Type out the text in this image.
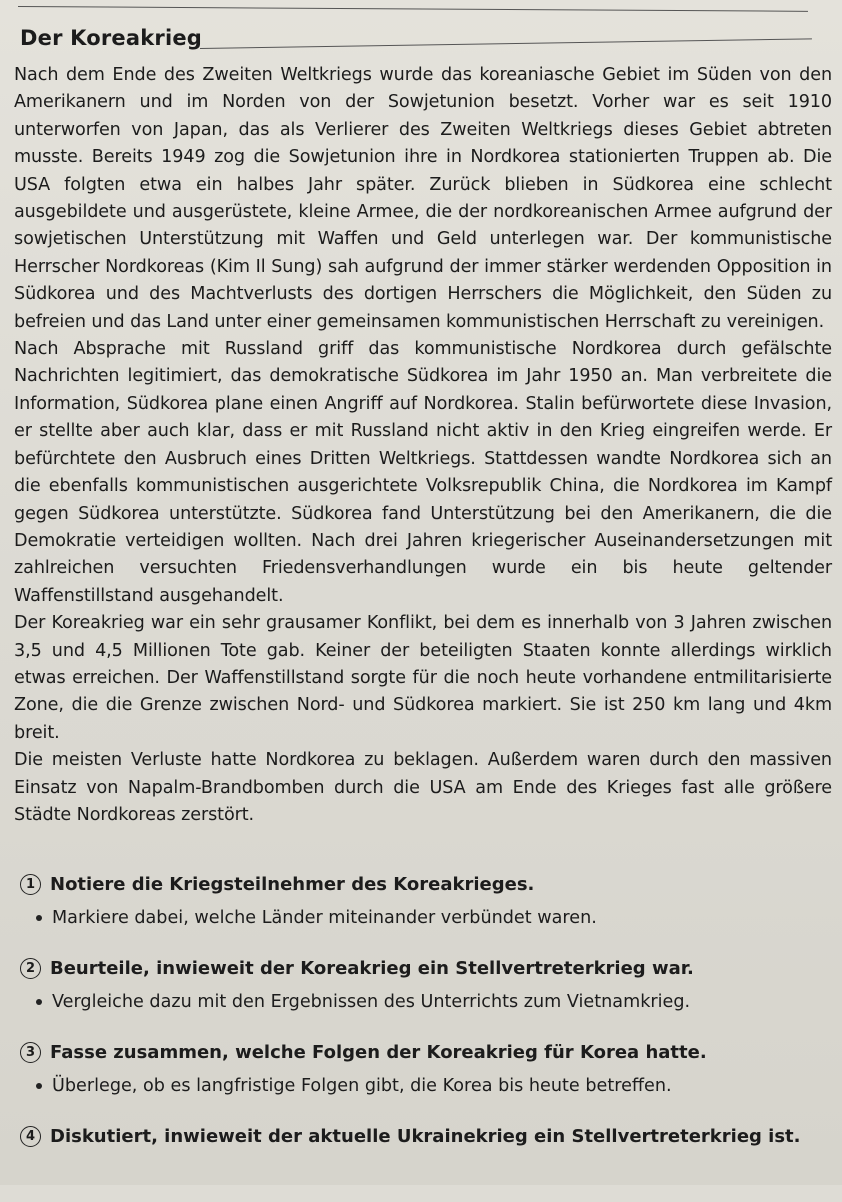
Der Koreakrieg

Nach dem Ende des Zweiten Weltkriegs wurde das koreaniasche Gebiet im Süden von den Amerikanern und im Norden von der Sowjetunion besetzt. Vorher war es seit 1910 unterworfen von Japan, das als Verlierer des Zweiten Weltkriegs dieses Gebiet abtreten musste. Bereits 1949 zog die Sowjetunion ihre in Nordkorea stationierten Truppen ab. Die USA folgten etwa ein halbes Jahr später. Zurück blieben in Südkorea eine schlecht ausgebildete und ausgerüstete, kleine Armee, die der nordkoreanischen Armee aufgrund der sowjetischen Unterstützung mit Waffen und Geld unterlegen war. Der kommunistische Herrscher Nordkoreas (Kim Il Sung) sah aufgrund der immer stärker werdenden Opposition in Südkorea und des Machtverlusts des dortigen Herrschers die Möglichkeit, den Süden zu befreien und das Land unter einer gemeinsamen kommunistischen Herrschaft zu vereinigen.

Nach Absprache mit Russland griff das kommunistische Nordkorea durch gefälschte Nachrichten legitimiert, das demokratische Südkorea im Jahr 1950 an. Man verbreitete die Information, Südkorea plane einen Angriff auf Nordkorea. Stalin befürwortete diese Invasion, er stellte aber auch klar, dass er mit Russland nicht aktiv in den Krieg eingreifen werde. Er befürchtete den Ausbruch eines Dritten Weltkriegs. Stattdessen wandte Nordkorea sich an die ebenfalls kommunistischen ausgerichtete Volksrepublik China, die Nordkorea im Kampf gegen Südkorea unterstützte. Südkorea fand Unterstützung bei den Amerikanern, die die Demokratie verteidigen wollten. Nach drei Jahren kriegerischer Auseinandersetzungen mit zahlreichen versuchten Friedensverhandlungen wurde ein bis heute geltender Waffenstillstand ausgehandelt.

Der Koreakrieg war ein sehr grausamer Konflikt, bei dem es innerhalb von 3 Jahren zwischen 3,5 und 4,5 Millionen Tote gab. Keiner der beteiligten Staaten konnte allerdings wirklich etwas erreichen. Der Waffenstillstand sorgte für die noch heute vorhandene entmilitarisierte Zone, die die Grenze zwischen Nord- und Südkorea markiert. Sie ist 250 km lang und 4km breit.

Die meisten Verluste hatte Nordkorea zu beklagen. Außerdem waren durch den massiven Einsatz von Napalm-Brandbomben durch die USA am Ende des Krieges fast alle größere Städte Nordkoreas zerstört.

1 Notiere die Kriegsteilnehmer des Koreakrieges.
Markiere dabei, welche Länder miteinander verbündet waren.
2 Beurteile, inwieweit der Koreakrieg ein Stellvertreterkrieg war.
Vergleiche dazu mit den Ergebnissen des Unterrichts zum Vietnamkrieg.
3 Fasse zusammen, welche Folgen der Koreakrieg für Korea hatte.
Überlege, ob es langfristige Folgen gibt, die Korea bis heute betreffen.
4 Diskutiert, inwieweit der aktuelle Ukrainekrieg ein Stellvertreterkrieg ist.
